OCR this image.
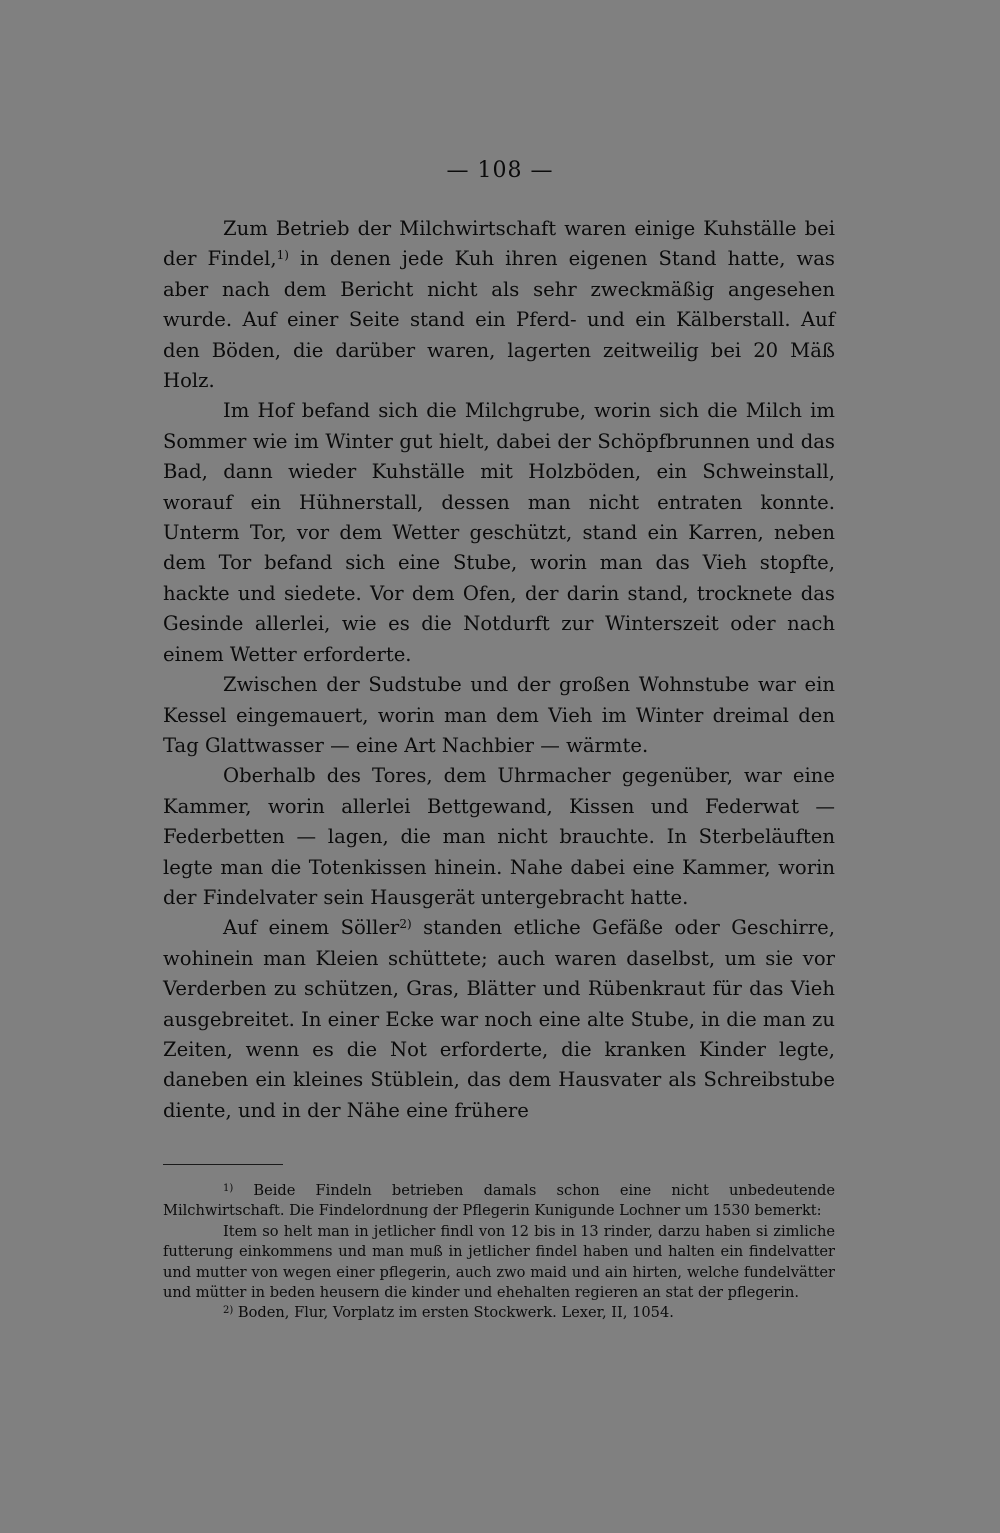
— 108 —

Zum Betrieb der Milchwirtschaft waren einige Kuhställe bei der Findel,$^{1)}$ in denen jede Kuh ihren eigenen Stand hatte, was aber nach dem Bericht nicht als sehr zweckmäßig angesehen wurde. Auf einer Seite stand ein Pferd- und ein Kälberstall. Auf den Böden, die darüber waren, lagerten zeitweilig bei 20 Mäß Holz.

Im Hof befand sich die Milchgrube, worin sich die Milch im Sommer wie im Winter gut hielt, dabei der Schöpfbrunnen und das Bad, dann wieder Kuhställe mit Holzböden, ein Schweinstall, worauf ein Hühnerstall, dessen man nicht entraten konnte. Unterm Tor, vor dem Wetter geschützt, stand ein Karren, neben dem Tor befand sich eine Stube, worin man das Vieh stopfte, hackte und siedete. Vor dem Ofen, der darin stand, trocknete das Gesinde allerlei, wie es die Notdurft zur Winterszeit oder nach einem Wetter erforderte.

Zwischen der Sudstube und der großen Wohnstube war ein Kessel eingemauert, worin man dem Vieh im Winter dreimal den Tag Glattwasser — eine Art Nachbier — wärmte.

Oberhalb des Tores, dem Uhrmacher gegenüber, war eine Kammer, worin allerlei Bettgewand, Kissen und Federwat — Federbetten — lagen, die man nicht brauchte. In Sterbeläuften legte man die Totenkissen hinein. Nahe dabei eine Kammer, worin der Findelvater sein Hausgerät untergebracht hatte.

Auf einem Söller$^{2)}$ standen etliche Gefäße oder Geschirre, wohinein man Kleien schüttete; auch waren daselbst, um sie vor Verderben zu schützen, Gras, Blätter und Rübenkraut für das Vieh ausgebreitet. In einer Ecke war noch eine alte Stube, in die man zu Zeiten, wenn es die Not erforderte, die kranken Kinder legte, daneben ein kleines Stüblein, das dem Hausvater als Schreibstube diente, und in der Nähe eine frühere

$^{1)}$ Beide Findeln betrieben damals schon eine nicht unbedeutende Milchwirtschaft. Die Findelordnung der Pflegerin Kunigunde Lochner um 1530 bemerkt:

Item so helt man in jetlicher findl von 12 bis in 13 rinder, darzu haben si zimliche futterung einkommens und man muß in jetlicher findel haben und halten ein findelvatter und mutter von wegen einer pflegerin, auch zwo maid und ain hirten, welche fundelvätter und mütter in beden heusern die kinder und ehehalten regieren an stat der pflegerin.

$^{2)}$ Boden, Flur, Vorplatz im ersten Stockwerk. Lexer, II, 1054.
